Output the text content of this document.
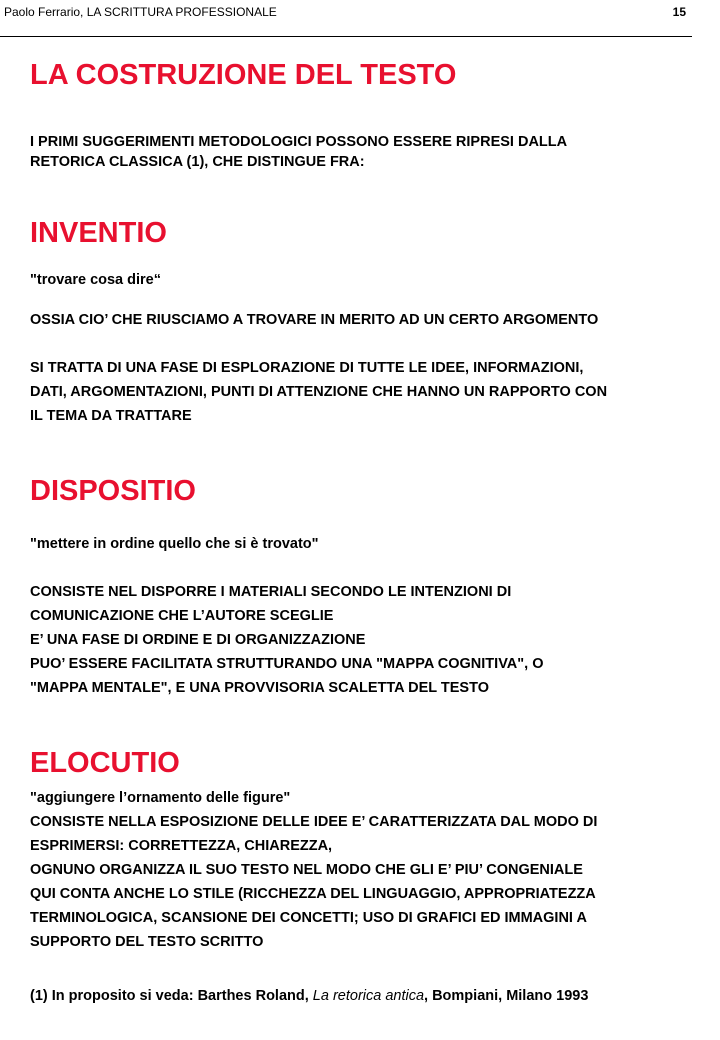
Paolo Ferrario, LA SCRITTURA PROFESSIONALE	15
LA COSTRUZIONE DEL TESTO
I PRIMI SUGGERIMENTI METODOLOGICI POSSONO ESSERE RIPRESI DALLA
RETORICA CLASSICA (1), CHE DISTINGUE FRA:
INVENTIO
"trovare cosa dire“
OSSIA CIO’ CHE RIUSCIAMO A TROVARE IN MERITO AD UN CERTO ARGOMENTO
SI TRATTA DI UNA FASE DI ESPLORAZIONE DI TUTTE LE IDEE, INFORMAZIONI,
DATI, ARGOMENTAZIONI, PUNTI DI ATTENZIONE CHE HANNO UN RAPPORTO CON
IL TEMA DA TRATTARE
DISPOSITIO
"mettere in ordine quello che si è trovato"
CONSISTE NEL DISPORRE I MATERIALI SECONDO LE INTENZIONI DI
COMUNICAZIONE CHE L’AUTORE SCEGLIE
E’ UNA FASE DI ORDINE E DI ORGANIZZAZIONE
PUO’ ESSERE FACILITATA STRUTTURANDO UNA "MAPPA COGNITIVA", O
"MAPPA MENTALE", E UNA PROVVISORIA SCALETTA DEL TESTO
ELOCUTIO
"aggiungere l’ornamento delle figure"
CONSISTE NELLA ESPOSIZIONE DELLE IDEE E’ CARATTERIZZATA DAL MODO DI
ESPRIMERSI: CORRETTEZZA, CHIAREZZA,
OGNUNO ORGANIZZA IL SUO TESTO NEL MODO CHE GLI E’ PIU’ CONGENIALE
QUI CONTA ANCHE LO STILE (RICCHEZZA DEL LINGUAGGIO, APPROPRIATEZZA
TERMINOLOGICA, SCANSIONE DEI CONCETTI; USO DI GRAFICI ED IMMAGINI A
SUPPORTO DEL TESTO SCRITTO
(1) In proposito si veda: Barthes Roland, La retorica antica, Bompiani, Milano 1993
